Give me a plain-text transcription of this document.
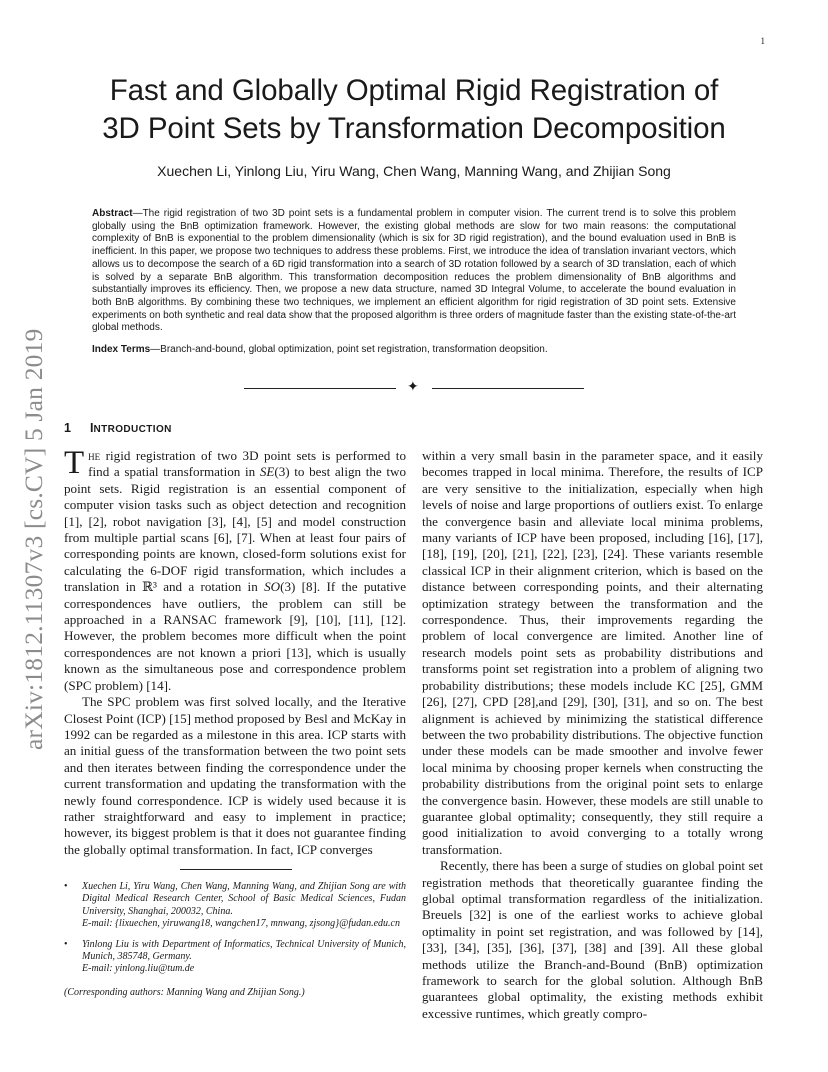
1
Fast and Globally Optimal Rigid Registration of
3D Point Sets by Transformation Decomposition
Xuechen Li, Yinlong Liu, Yiru Wang, Chen Wang, Manning Wang, and Zhijian Song
Abstract—The rigid registration of two 3D point sets is a fundamental problem in computer vision. The current trend is to solve this problem globally using the BnB optimization framework. However, the existing global methods are slow for two main reasons: the computational complexity of BnB is exponential to the problem dimensionality (which is six for 3D rigid registration), and the bound evaluation used in BnB is inefficient. In this paper, we propose two techniques to address these problems. First, we introduce the idea of translation invariant vectors, which allows us to decompose the search of a 6D rigid transformation into a search of 3D rotation followed by a search of 3D translation, each of which is solved by a separate BnB algorithm. This transformation decomposition reduces the problem dimensionality of BnB algorithms and substantially improves its efficiency. Then, we propose a new data structure, named 3D Integral Volume, to accelerate the bound evaluation in both BnB algorithms. By combining these two techniques, we implement an efficient algorithm for rigid registration of 3D point sets. Extensive experiments on both synthetic and real data show that the proposed algorithm is three orders of magnitude faster than the existing state-of-the-art global methods.
Index Terms—Branch-and-bound, global optimization, point set registration, transformation deopsition.
✦
arXiv:1812.11307v3 [cs.CV] 5 Jan 2019 1 INTRODUCTION

The rigid registration of two 3D point sets is performed to find a spatial transformation in SE(3) to best align the two point sets. Rigid registration is an essential component of computer vision tasks such as object detection and recognition [1], [2], robot navigation [3], [4], [5] and model construction from multiple partial scans [6], [7]. When at least four pairs of corresponding points are known, closed-form solutions exist for calculating the 6-DOF rigid transformation, which includes a translation in ℝ³ and a rotation in SO(3) [8]. If the putative correspondences have outliers, the problem can still be approached in a RANSAC framework [9], [10], [11], [12]. However, the problem becomes more difficult when the point correspondences are not known a priori [13], which is usually known as the simultaneous pose and correspondence problem (SPC problem) [14].

The SPC problem was first solved locally, and the Iterative Closest Point (ICP) [15] method proposed by Besl and McKay in 1992 can be regarded as a milestone in this area. ICP starts with an initial guess of the transformation between the two point sets and then iterates between finding the correspondence under the current transformation and updating the transformation with the newly found correspondence. ICP is widely used because it is rather straightforward and easy to implement in practice; however, its biggest problem is that it does not guarantee finding the globally optimal transformation. In fact, ICP converges

within a very small basin in the parameter space, and it easily becomes trapped in local minima. Therefore, the results of ICP are very sensitive to the initialization, especially when high levels of noise and large proportions of outliers exist. To enlarge the convergence basin and alleviate local minima problems, many variants of ICP have been proposed, including [16], [17], [18], [19], [20], [21], [22], [23], [24]. These variants resemble classical ICP in their alignment criterion, which is based on the distance between corresponding points, and their alternating optimization strategy between the transformation and the correspondence. Thus, their improvements regarding the problem of local convergence are limited. Another line of research models point sets as probability distributions and transforms point set registration into a problem of aligning two probability distributions; these models include KC [25], GMM [26], [27], CPD [28],and [29], [30], [31], and so on. The best alignment is achieved by minimizing the statistical difference between the two probability distributions. The objective function under these models can be made smoother and involve fewer local minima by choosing proper kernels when constructing the probability distributions from the original point sets to enlarge the convergence basin. However, these models are still unable to guarantee global optimality; consequently, they still require a good initialization to avoid converging to a totally wrong transformation.

Recently, there has been a surge of studies on global point set registration methods that theoretically guarantee finding the global optimal transformation regardless of the initialization. Breuels [32] is one of the earliest works to achieve global optimality in point set registration, and was followed by [14], [33], [34], [35], [36], [37], [38] and [39]. All these global methods utilize the Branch-and-Bound (BnB) optimization framework to search for the global solution. Although BnB guarantees global optimality, the existing methods exhibit excessive runtimes, which greatly compro-

• Xuechen Li, Yiru Wang, Chen Wang, Manning Wang, and Zhijian Song are with Digital Medical Research Center, School of Basic Medical Sciences, Fudan University, Shanghai, 200032, China.
E-mail: {lixuechen, yiruwang18, wangchen17, mnwang, zjsong}@fudan.edu.cn
• Yinlong Liu is with Department of Informatics, Technical University of Munich, Munich, 385748, Germany.
E-mail: yinlong.liu@tum.de
(Corresponding authors: Manning Wang and Zhijian Song.)
